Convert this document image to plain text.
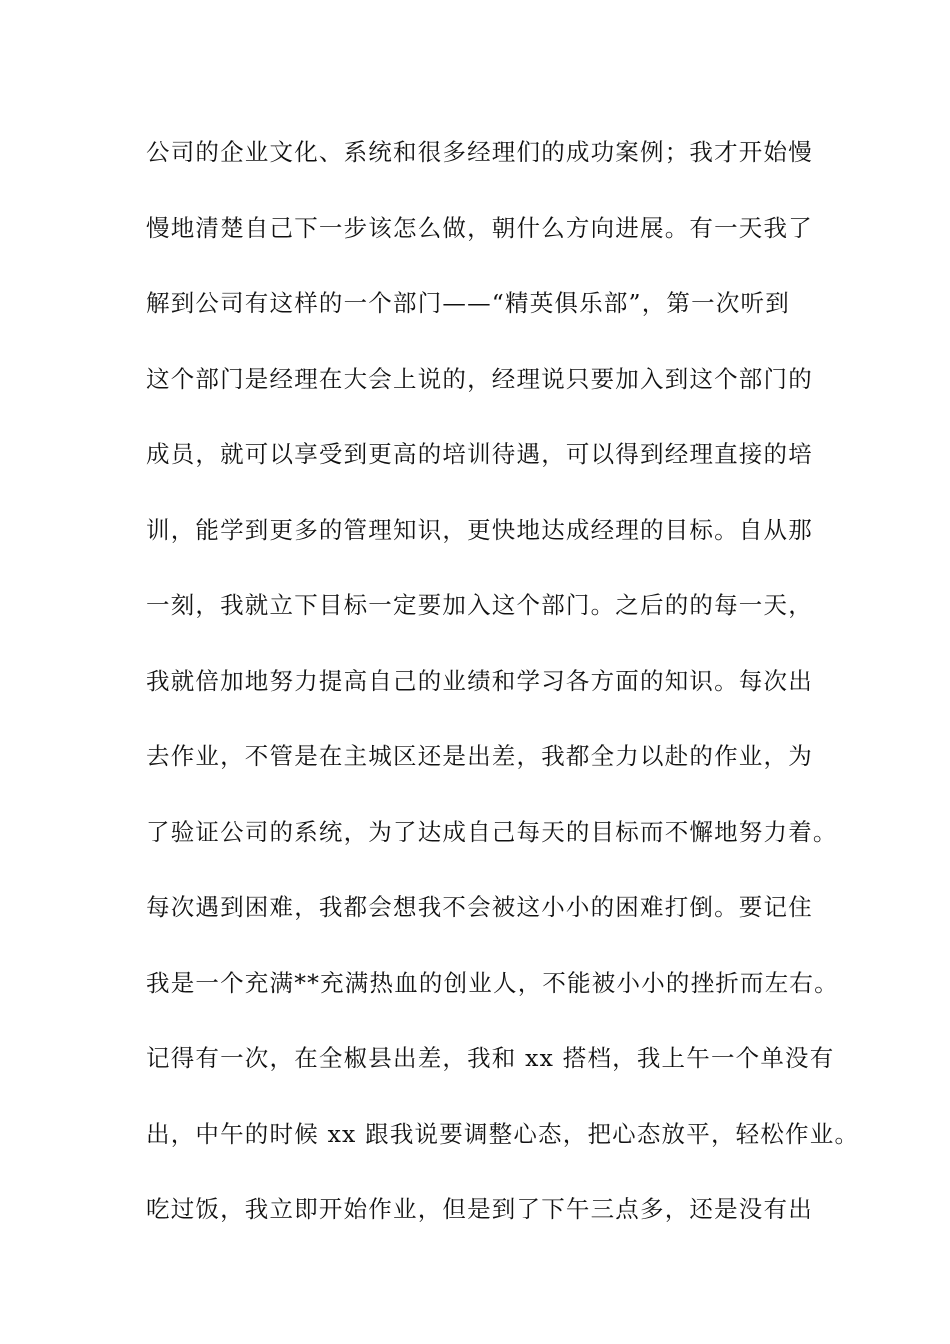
公司的企业文化、系统和很多经理们的成功案例；我才开始慢
慢地清楚自己下一步该怎么做，朝什么方向进展。有一天我了
解到公司有这样的一个部门——“精英俱乐部”，第一次听到
这个部门是经理在大会上说的，经理说只要加入到这个部门的
成员，就可以享受到更高的培训待遇，可以得到经理直接的培
训，能学到更多的管理知识，更快地达成经理的目标。自从那
一刻，我就立下目标一定要加入这个部门。之后的的每一天，
我就倍加地努力提高自己的业绩和学习各方面的知识。每次出
去作业，不管是在主城区还是出差，我都全力以赴的作业，为
了验证公司的系统，为了达成自己每天的目标而不懈地努力着。
每次遇到困难，我都会想我不会被这小小的困难打倒。要记住
我是一个充满**充满热血的创业人，不能被小小的挫折而左右。
记得有一次，在全椒县出差，我和 xx 搭档，我上午一个单没有
出，中午的时候 xx 跟我说要调整心态，把心态放平，轻松作业。
吃过饭，我立即开始作业，但是到了下午三点多，还是没有出
